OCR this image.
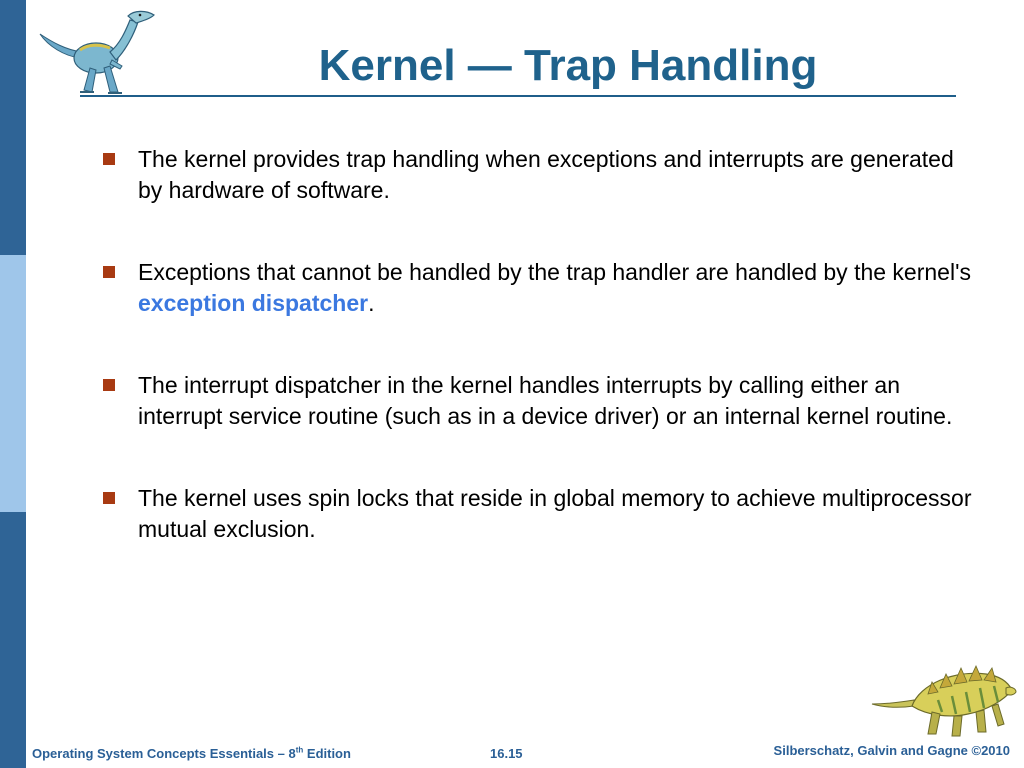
Kernel — Trap Handling
The kernel provides trap handling when exceptions and interrupts are generated by hardware of software.
Exceptions that cannot be handled by the trap handler are handled by the kernel's exception dispatcher.
The interrupt dispatcher in the kernel handles interrupts by calling either an interrupt service routine (such as in a device driver) or an internal kernel routine.
The kernel uses spin locks that reside in global memory to achieve multiprocessor mutual exclusion.
Operating System Concepts Essentials – 8th Edition	16.15	Silberschatz, Galvin and Gagne ©2010
